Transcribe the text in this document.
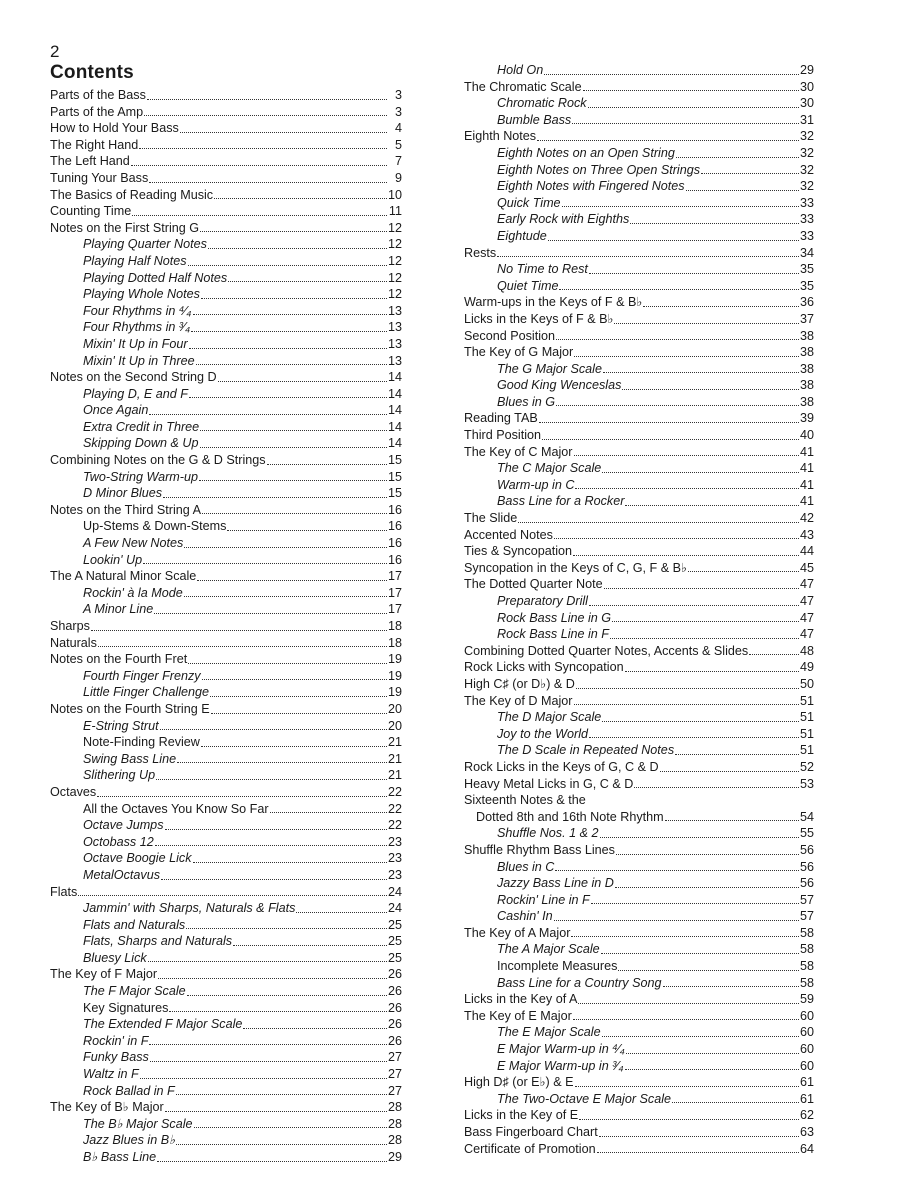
2
Contents
Parts of the Bass	3
Parts of the Amp	3
How to Hold Your Bass	4
The Right Hand	5
The Left Hand	7
Tuning Your Bass	9
The Basics of Reading Music	10
Counting Time	11
Notes on the First String G	12
Playing Quarter Notes	12
Playing Half Notes	12
Playing Dotted Half Notes	12
Playing Whole Notes	12
Four Rhythms in ⁴⁄₄	13
Four Rhythms in ³⁄₄	13
Mixin' It Up in Four	13
Mixin' It Up in Three	13
Notes on the Second String D	14
Playing D, E and F	14
Once Again	14
Extra Credit in Three	14
Skipping Down & Up	14
Combining Notes on the G & D Strings	15
Two-String Warm-up	15
D Minor Blues	15
Notes on the Third String A	16
Up-Stems & Down-Stems	16
A Few New Notes	16
Lookin' Up	16
The A Natural Minor Scale	17
Rockin' à la Mode	17
A Minor Line	17
Sharps	18
Naturals	18
Notes on the Fourth Fret	19
Fourth Finger Frenzy	19
Little Finger Challenge	19
Notes on the Fourth String E	20
E-String Strut	20
Note-Finding Review	21
Swing Bass Line	21
Slithering Up	21
Octaves	22
All the Octaves You Know So Far	22
Octave Jumps	22
Octobass 12	23
Octave Boogie Lick	23
MetalOctavus	23
Flats	24
Jammin' with Sharps, Naturals & Flats	24
Flats and Naturals	25
Flats, Sharps and Naturals	25
Bluesy Lick	25
The Key of F Major	26
The F Major Scale	26
Key Signatures	26
The Extended F Major Scale	26
Rockin' in F	26
Funky Bass	27
Waltz in F	27
Rock Ballad in F	27
The Key of B♭ Major	28
The B♭ Major Scale	28
Jazz Blues in B♭	28
B♭ Bass Line	29
Hold On	29
The Chromatic Scale	30
Chromatic Rock	30
Bumble Bass	31
Eighth Notes	32
Eighth Notes on an Open String	32
Eighth Notes on Three Open Strings	32
Eighth Notes with Fingered Notes	32
Quick Time	33
Early Rock with Eighths	33
Eightude	33
Rests	34
No Time to Rest	35
Quiet Time	35
Warm-ups in the Keys of F & B♭	36
Licks in the Keys of F & B♭	37
Second Position	38
The Key of G Major	38
The G Major Scale	38
Good King Wenceslas	38
Blues in G	38
Reading TAB	39
Third Position	40
The Key of C Major	41
The C Major Scale	41
Warm-up in C	41
Bass Line for a Rocker	41
The Slide	42
Accented Notes	43
Ties & Syncopation	44
Syncopation in the Keys of C, G, F & B♭	45
The Dotted Quarter Note	47
Preparatory Drill	47
Rock Bass Line in G	47
Rock Bass Line in F	47
Combining Dotted Quarter Notes, Accents & Slides	48
Rock Licks with Syncopation	49
High C♯ (or D♭) & D	50
The Key of D Major	51
The D Major Scale	51
Joy to the World	51
The D Scale in Repeated Notes	51
Rock Licks in the Keys of G, C & D	52
Heavy Metal Licks in G, C & D	53
Sixteenth Notes & the
Dotted 8th and 16th Note Rhythm	54
Shuffle Nos. 1 & 2	55
Shuffle Rhythm Bass Lines	56
Blues in C	56
Jazzy Bass Line in D	56
Rockin' Line in F	57
Cashin' In	57
The Key of A Major	58
The A Major Scale	58
Incomplete Measures	58
Bass Line for a Country Song	58
Licks in the Key of A	59
The Key of E Major	60
The E Major Scale	60
E Major Warm-up in ⁴⁄₄	60
E Major Warm-up in ³⁄₄	60
High D♯ (or E♭) & E	61
The Two-Octave E Major Scale	61
Licks in the Key of E	62
Bass Fingerboard Chart	63
Certificate of Promotion	64
